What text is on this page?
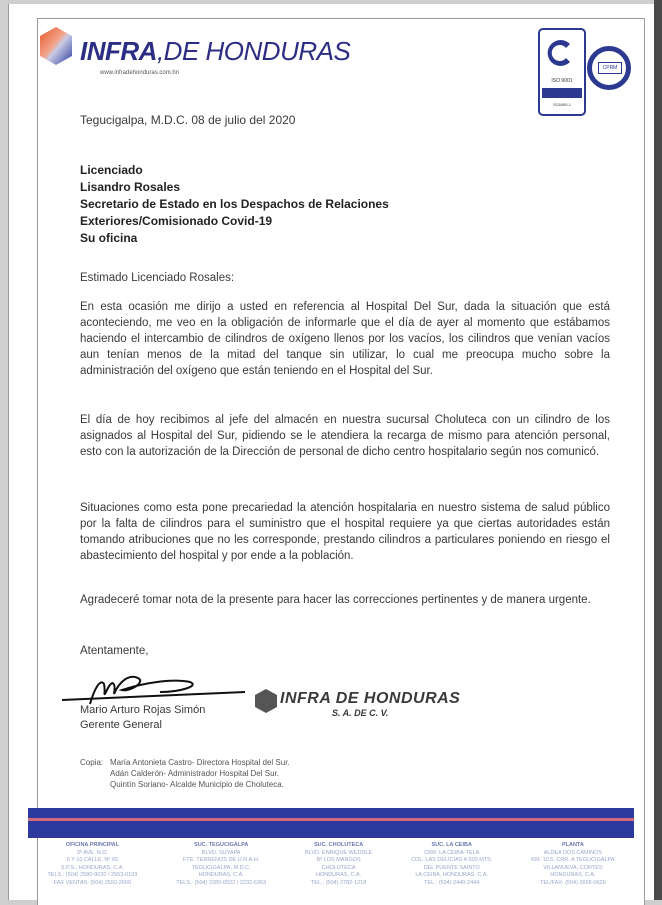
INFRA,DE HONDURAS
www.infradehonduras.com.hn
ISO 9001
SC6050-1
CPRM
Tegucigalpa, M.D.C. 08 de julio del 2020
Licenciado
Lisandro Rosales
Secretario de Estado en los Despachos de Relaciones
Exteriores/Comisionado Covid-19
Su oficina
Estimado Licenciado Rosales:
En esta ocasión me dirijo a usted en referencia al Hospital Del Sur, dada la situación que está aconteciendo, me veo en la obligación de informarle que el día de ayer al momento que estábamos haciendo el intercambio de cilindros de oxígeno llenos por los vacíos, los cilindros que venían vacíos aun tenían menos de la mitad del tanque sin utilizar, lo cual me preocupa mucho sobre la administración del oxígeno que están teniendo en el Hospital del Sur.
El día de hoy recibimos al jefe del almacén en nuestra sucursal Choluteca con un cilindro de los asignados al Hospital del Sur, pidiendo se le atendiera la recarga de mismo para atención personal, esto con la autorización de la Dirección de personal de dicho centro hospitalario según nos comunicó.
Situaciones como esta pone precariedad la atención hospitalaria en nuestro sistema de salud público por la falta de cilindros para el suministro que el hospital requiere ya que ciertas autoridades están tomando atribuciones que no les corresponde, prestando cilindros a particulares poniendo en riesgo el abastecimiento del hospital y por ende a la población.
Agradeceré tomar nota de la presente para hacer las correcciones pertinentes y de manera urgente.
Atentamente,
Mario Arturo Rojas Simón
Gerente General
INFRA DE HONDURAS
S. A. DE C. V.
Copia: María Antonieta Castro- Directora Hospital del Sur.
Adán Calderón- Administrador Hospital Del Sur.
Quintín Soriano- Alcalde Municipio de Choluteca.
OFICINA PRINCIPAL
3ª AVE. N.O.
6 Y 10 CALLE, Nº 65
S.P.S., HONDURAS, C.A.
TELS.: (504) 2580-9020 / 2553-0103
FAX VENTAS: (504) 2550-2660
SUC. TEGUCIGALPA
BLVD. SUYAPA
FTE. TERRENOS DE U.N.A.H.
TEGUCIGALPA, M.D.C.
HONDURAS, C.A.
TELS.: (504) 2280-0022 / 2232-6363
SUC. CHOLUTECA
BLVD. ENRIQUE WEDDLE
Bº LOS MANGOS
CHOLUTECA
HONDURAS, C.A.
TEL.: (504) 2782-1218
SUC. LA CEIBA
CRR. LA CEIBA-TELA
COL. LAS DELICIAS A 500 MTS.
DEL PUENTE SAINTO
LA CEIBA, HONDURAS, C.A.
TEL.: (504) 2440-2444
PLANTA
ALDEA DOS CAMINOS
KM. 10.5, CRR. A TEGUCIGALPA
VILLANUEVA, CORTES
HONDURAS, C.A.
TEL/FAX: (504) 2665-0626
